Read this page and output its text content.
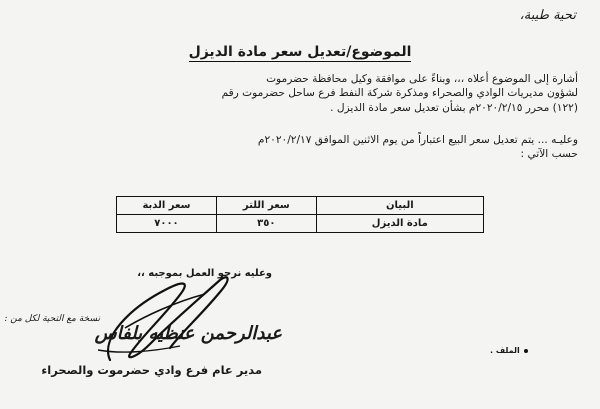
تحية طيبة،
الموضوع/تعديل سعر مادة الديزل
أشارة إلى الموضوع أعلاه ،،، وبناءً على موافقة وكيل محافظة حضرموت
لشؤون مديريات الوادي والصحراء ومذكرة شركة النفط فرع ساحل حضرموت رقم
(١٢٢) محرر ٢٠٢٠/٢/١٥م بشأن تعديل سعر مادة الديزل .
وعليـه ... يتم تعديل سعر البيع اعتباراً من يوم الاثنين الموافق ٢٠٢٠/٢/١٧م
حسب الآتي :
البيان	سعر اللتر	سعر الدبة
مادة الديزل	٣٥٠	٧٠٠٠
وعليه نرجو العمل بموجبه ،،
عبدالرحمن عنظيه بلفاس
مدير عام فرع وادي حضرموت والصحراء
نسخة مع التحية لكل من :
الملف .
